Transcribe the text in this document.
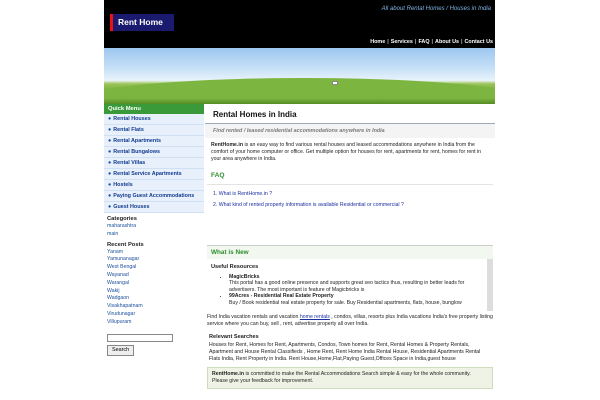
Rent Home
All about Rental Homes / Houses in India
Home | Services | FAQ | About Us | Contact Us
Quick Menu
● Rental Houses
● Rental Flats
● Rental Apartments
● Rental Bungalows
● Rental Villas
● Rental Service Apartments
● Hostels
● Paying Guest Accommodations
● Guest Houses
Categories
maharashtra
main
Recent Posts
Yanam
Yamunanagar
West Bengal
Wayanad
Warangal
Wakij
Wadgaon
Visakhapatnam
Virudunagar
Villupuram
Search
Rental Homes in India
Find rented / leased residential accommodations anywhere in India
RentHome.in is an easy way to find various rental houses and leased accommodations anywhere in India from the comfort of your home computer or office. Get multiple option for houses for rent, apartments for rent, homes for rent in your area anywhere in India.
FAQ
1. What is RentHome.in ?
2. What kind of rented property information is available Residential or commercial ?
What is New
Useful Resources
MagicBricks
This portal has a good online presence and supports great seo tactics thus, resulting in better leads for advertisers. The most important is feature of Magicbricks is
99Acres - Residential Real Estate Property
Buy / Book residential real estate property for sale. Buy Residential apartments, flats, house, bunglow
Find India vacation rentals and vacation home rentals , condos, villas, resorts plus India vacations India's free property listing service where you can buy, sell , rent, advertise property all over India.
Relevant Searches
Houses for Rent, Homes for Rent, Apartments, Condos, Town homes for Rent, Rental Homes & Property Rentals, Apartment and House Rental Classifieds , Home Rent, Rent Home India Rental House, Residential Apartments Rental Flats India, Rent Property in India. Rent House,Home,Flat,Paying Guest,Offices Space in India,guest house
RentHome.in is committed to make the Rental Accommodations Search simple & easy for the whole community. Please give your feedback for improvement.
